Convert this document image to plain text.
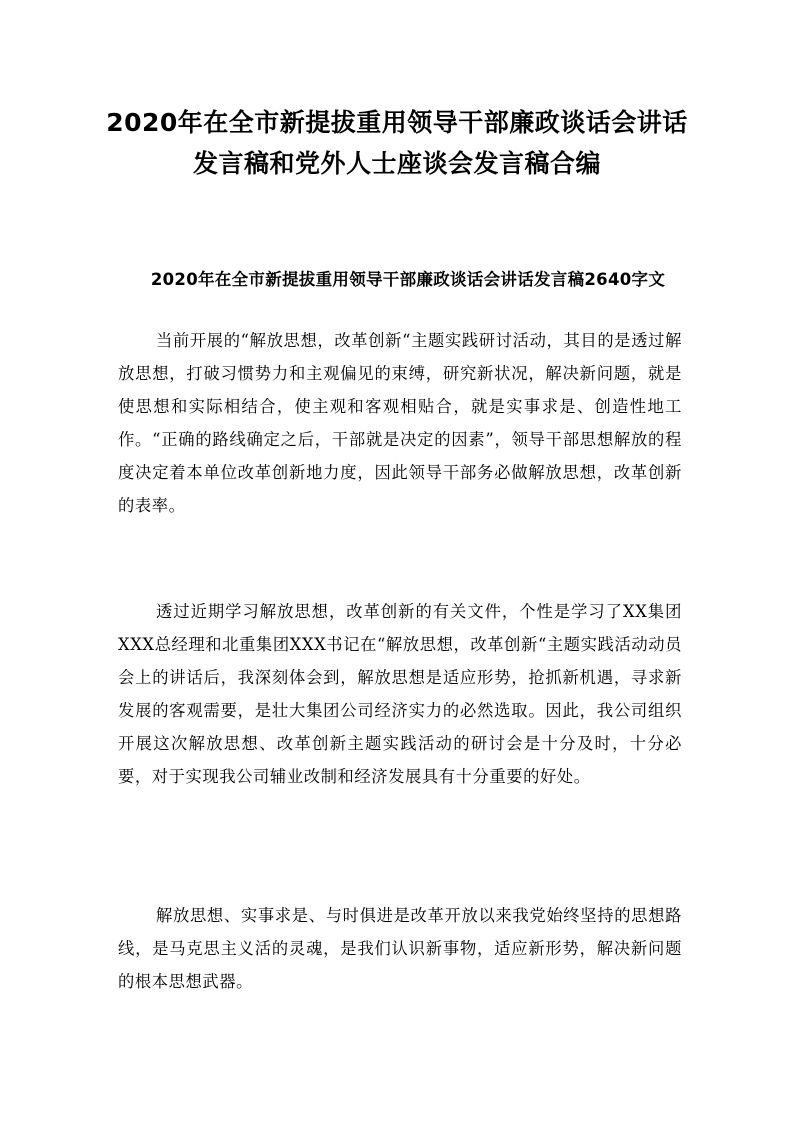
2020年在全市新提拔重用领导干部廉政谈话会讲话
发言稿和党外人士座谈会发言稿合编
2020年在全市新提拔重用领导干部廉政谈话会讲话发言稿2640字文

当前开展的“解放思想，改革创新“主题实践研讨活动，其目的是透过解放思想，打破习惯势力和主观偏见的束缚，研究新状况，解决新问题，就是使思想和实际相结合，使主观和客观相贴合，就是实事求是、创造性地工作。“正确的路线确定之后，干部就是决定的因素”，领导干部思想解放的程度决定着本单位改革创新地力度，因此领导干部务必做解放思想，改革创新的表率。

透过近期学习解放思想，改革创新的有关文件，个性是学习了XX集团XXX总经理和北重集团XXX书记在“解放思想，改革创新“主题实践活动动员会上的讲话后，我深刻体会到，解放思想是适应形势，抢抓新机遇，寻求新发展的客观需要，是壮大集团公司经济实力的必然选取。因此，我公司组织开展这次解放思想、改革创新主题实践活动的研讨会是十分及时，十分必要，对于实现我公司辅业改制和经济发展具有十分重要的好处。

解放思想、实事求是、与时俱进是改革开放以来我党始终坚持的思想路线，是马克思主义活的灵魂，是我们认识新事物，适应新形势，解决新问题的根本思想武器。
